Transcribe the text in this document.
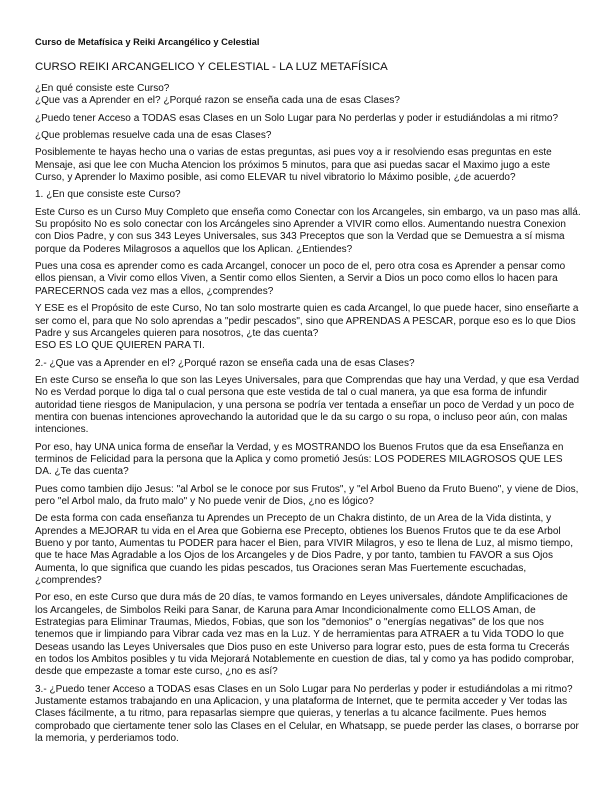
Curso de Metafísica y Reiki Arcangélico y Celestial
CURSO REIKI ARCANGELICO Y CELESTIAL - LA LUZ METAFÍSICA

¿En qué consiste este Curso?
¿Que vas a Aprender en el? ¿Porqué razon se enseña cada una de esas Clases?

¿Puedo tener Acceso a TODAS esas Clases en un Solo Lugar para No perderlas y poder ir estudiándolas a mi ritmo?

¿Que problemas resuelve cada una de esas Clases?

Posiblemente te hayas hecho una o varias de estas preguntas, asi pues voy a ir resolviendo esas preguntas en este Mensaje, asi que lee con Mucha Atencion los próximos 5 minutos, para que asi puedas sacar el Maximo jugo a este Curso, y Aprender lo Maximo posible, asi como ELEVAR tu nivel vibratorio lo Máximo posible, ¿de acuerdo?

1. ¿En que consiste este Curso?

Este Curso es un Curso Muy Completo que enseña como Conectar con los Arcangeles, sin embargo, va un paso mas allá. Su propósito No es solo conectar con los Arcángeles sino Aprender a VIVIR como ellos. Aumentando nuestra Conexion con Dios Padre, y con sus 343 Leyes Universales, sus 343 Preceptos que son la Verdad que se Demuestra a sí misma porque da Poderes Milagrosos a aquellos que los Aplican. ¿Entiendes?

Pues una cosa es aprender como es cada Arcangel, conocer un poco de el, pero otra cosa es Aprender a pensar como ellos piensan, a Vivir como ellos Viven, a Sentir como ellos Sienten, a Servir a Dios un poco como ellos lo hacen para PARECERNOS cada vez mas a ellos, ¿comprendes?

Y ESE es el Propósito de este Curso, No tan solo mostrarte quien es cada Arcangel, lo que puede hacer, sino enseñarte a ser como el, para que No solo aprendas a "pedir pescados", sino que APRENDAS A PESCAR, porque eso es lo que Dios Padre y sus Arcangeles quieren para nosotros, ¿te das cuenta?
ESO ES LO QUE QUIEREN PARA TI.

2.- ¿Que vas a Aprender en el? ¿Porqué razon se enseña cada una de esas Clases?

En este Curso se enseña lo que son las Leyes Universales, para que Comprendas que hay una Verdad, y que esa Verdad No es Verdad porque lo diga tal o cual persona que este vestida de tal o cual manera, ya que esa forma de infundir autoridad tiene riesgos de Manipulacion, y una persona se podría ver tentada a enseñar un poco de Verdad y un poco de mentira con buenas intenciones aprovechando la autoridad que le da su cargo o su ropa, o incluso peor aún, con malas intenciones.

Por eso, hay UNA unica forma de enseñar la Verdad, y es MOSTRANDO los Buenos Frutos que da esa Enseñanza en terminos de Felicidad para la persona que la Aplica y como prometió Jesús: LOS PODERES MILAGROSOS QUE LES DA. ¿Te das cuenta?

Pues como tambien dijo Jesus: "al Arbol se le conoce por sus Frutos", y "el Arbol Bueno da Fruto Bueno", y viene de Dios, pero "el Arbol malo, da fruto malo" y No puede venir de Dios, ¿no es lógico?

De esta forma con cada enseñanza tu Aprendes un Precepto de un Chakra distinto, de un Area de la Vida distinta, y Aprendes a MEJORAR tu vida en el Area que Gobierna ese Precepto, obtienes los Buenos Frutos que te da ese Arbol Bueno y por tanto, Aumentas tu PODER para hacer el Bien, para VIVIR Milagros, y eso te llena de Luz, al mismo tiempo, que te hace Mas Agradable a los Ojos de los Arcangeles y de Dios Padre, y por tanto, tambien tu FAVOR a sus Ojos Aumenta, lo que significa que cuando les pidas pescados, tus Oraciones seran Mas Fuertemente escuchadas, ¿comprendes?

Por eso, en este Curso que dura más de 20 días, te vamos formando en Leyes universales, dándote Amplificaciones de los Arcangeles, de Simbolos Reiki para Sanar, de Karuna para Amar Incondicionalmente como ELLOS Aman, de Estrategias para Eliminar Traumas, Miedos, Fobias, que son los "demonios" o "energías negativas" de los que nos tenemos que ir limpiando para Vibrar cada vez mas en la Luz. Y de herramientas para ATRAER a tu Vida TODO lo que Deseas usando las Leyes Universales que Dios puso en este Universo para lograr esto, pues de esta forma tu Crecerás en todos los Ambitos posibles y tu vida Mejorará Notablemente en cuestion de dias, tal y como ya has podido comprobar, desde que empezaste a tomar este curso, ¿no es así?

3.- ¿Puedo tener Acceso a TODAS esas Clases en un Solo Lugar para No perderlas y poder ir estudiándolas a mi ritmo?
Justamente estamos trabajando en una Aplicacion, y una plataforma de Internet, que te permita acceder y Ver todas las Clases fácilmente, a tu ritmo, para repasarlas siempre que quieras, y tenerlas a tu alcance facilmente. Pues hemos comprobado que ciertamente tener solo las Clases en el Celular, en Whatsapp, se puede perder las clases, o borrarse por la memoria, y perderiamos todo.
